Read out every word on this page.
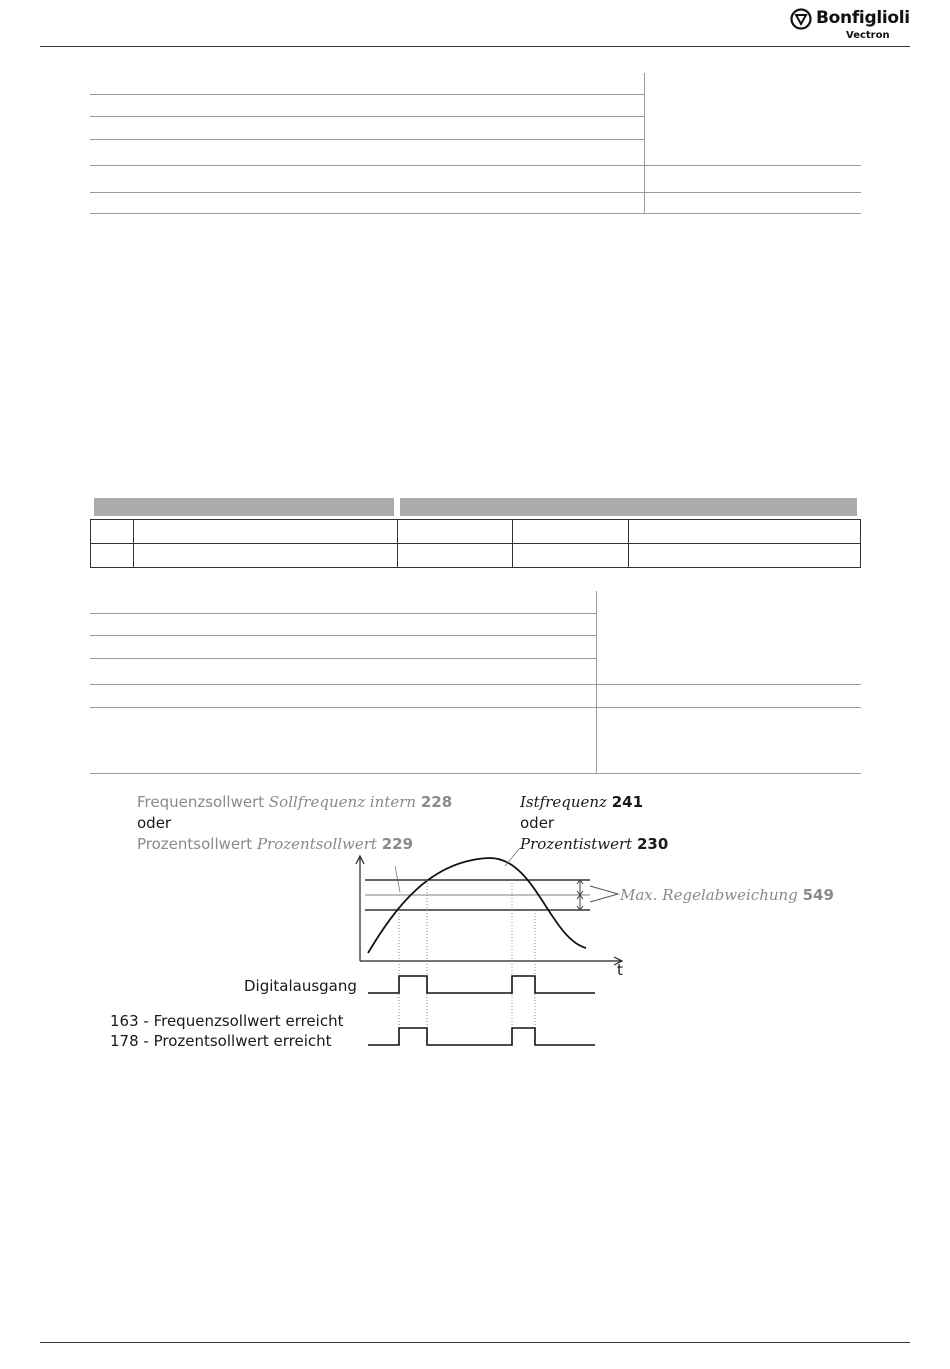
Bonfiglioli
Vectron

Frequenzsollwert Sollfrequenz intern 228
oder
Prozentsollwert Prozentsollwert 229
Istfrequenz 241
oder
Prozentistwert 230
Max. Regelabweichung 549
t
Digitalausgang
163 - Frequenzsollwert erreicht
178 - Prozentsollwert erreicht
